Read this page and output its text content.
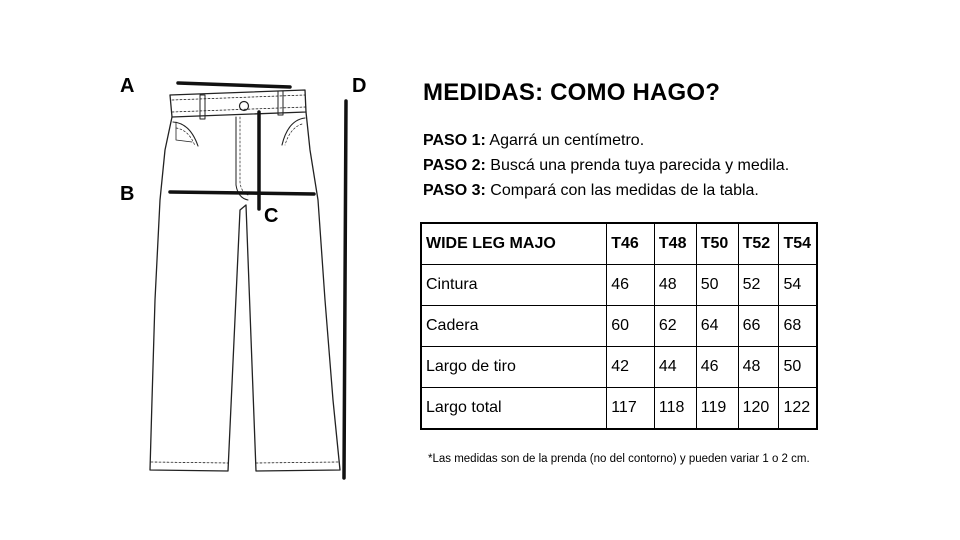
A
B
C
D MEDIDAS: COMO HAGO?
PASO 1: Agarrá un centímetro.
PASO 2: Buscá una prenda tuya parecida y medila.
PASO 3: Compará con las medidas de la tabla.
WIDE LEG MAJO	T46	T48	T50	T52	T54
Cintura	46	48	50	52	54
Cadera	60	62	64	66	68
Largo de tiro	42	44	46	48	50
Largo total	117	118	119	120	122
*Las medidas son de la prenda (no del contorno) y pueden variar 1 o 2 cm.
